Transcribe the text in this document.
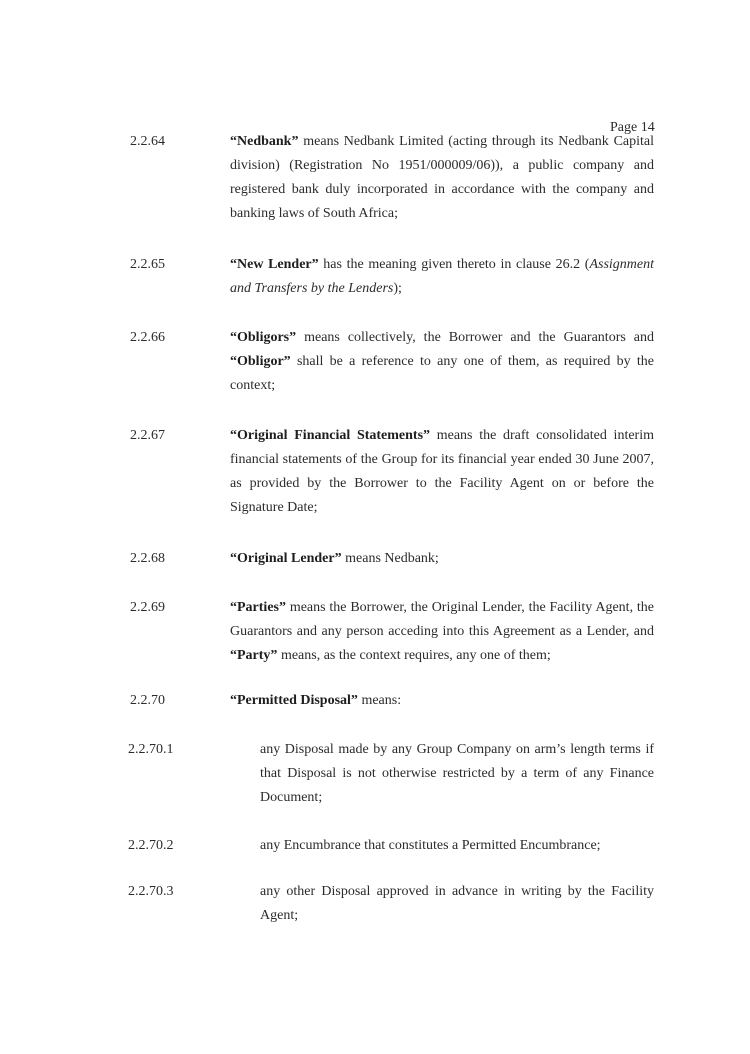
Page 14
2.2.64	“Nedbank” means Nedbank Limited (acting through its Nedbank Capital division) (Registration No 1951/000009/06)), a public company and registered bank duly incorporated in accordance with the company and banking laws of South Africa;
2.2.65	“New Lender” has the meaning given thereto in clause 26.2 (Assignment and Transfers by the Lenders);
2.2.66	“Obligors” means collectively, the Borrower and the Guarantors and “Obligor” shall be a reference to any one of them, as required by the context;
2.2.67	“Original Financial Statements” means the draft consolidated interim financial statements of the Group for its financial year ended 30 June 2007, as provided by the Borrower to the Facility Agent on or before the Signature Date;
2.2.68	“Original Lender” means Nedbank;
2.2.69	“Parties” means the Borrower, the Original Lender, the Facility Agent, the Guarantors and any person acceding into this Agreement as a Lender, and “Party” means, as the context requires, any one of them;
2.2.70	“Permitted Disposal” means:
2.2.70.1	any Disposal made by any Group Company on arm’s length terms if that Disposal is not otherwise restricted by a term of any Finance Document;
2.2.70.2	any Encumbrance that constitutes a Permitted Encumbrance;
2.2.70.3	any other Disposal approved in advance in writing by the Facility Agent;
